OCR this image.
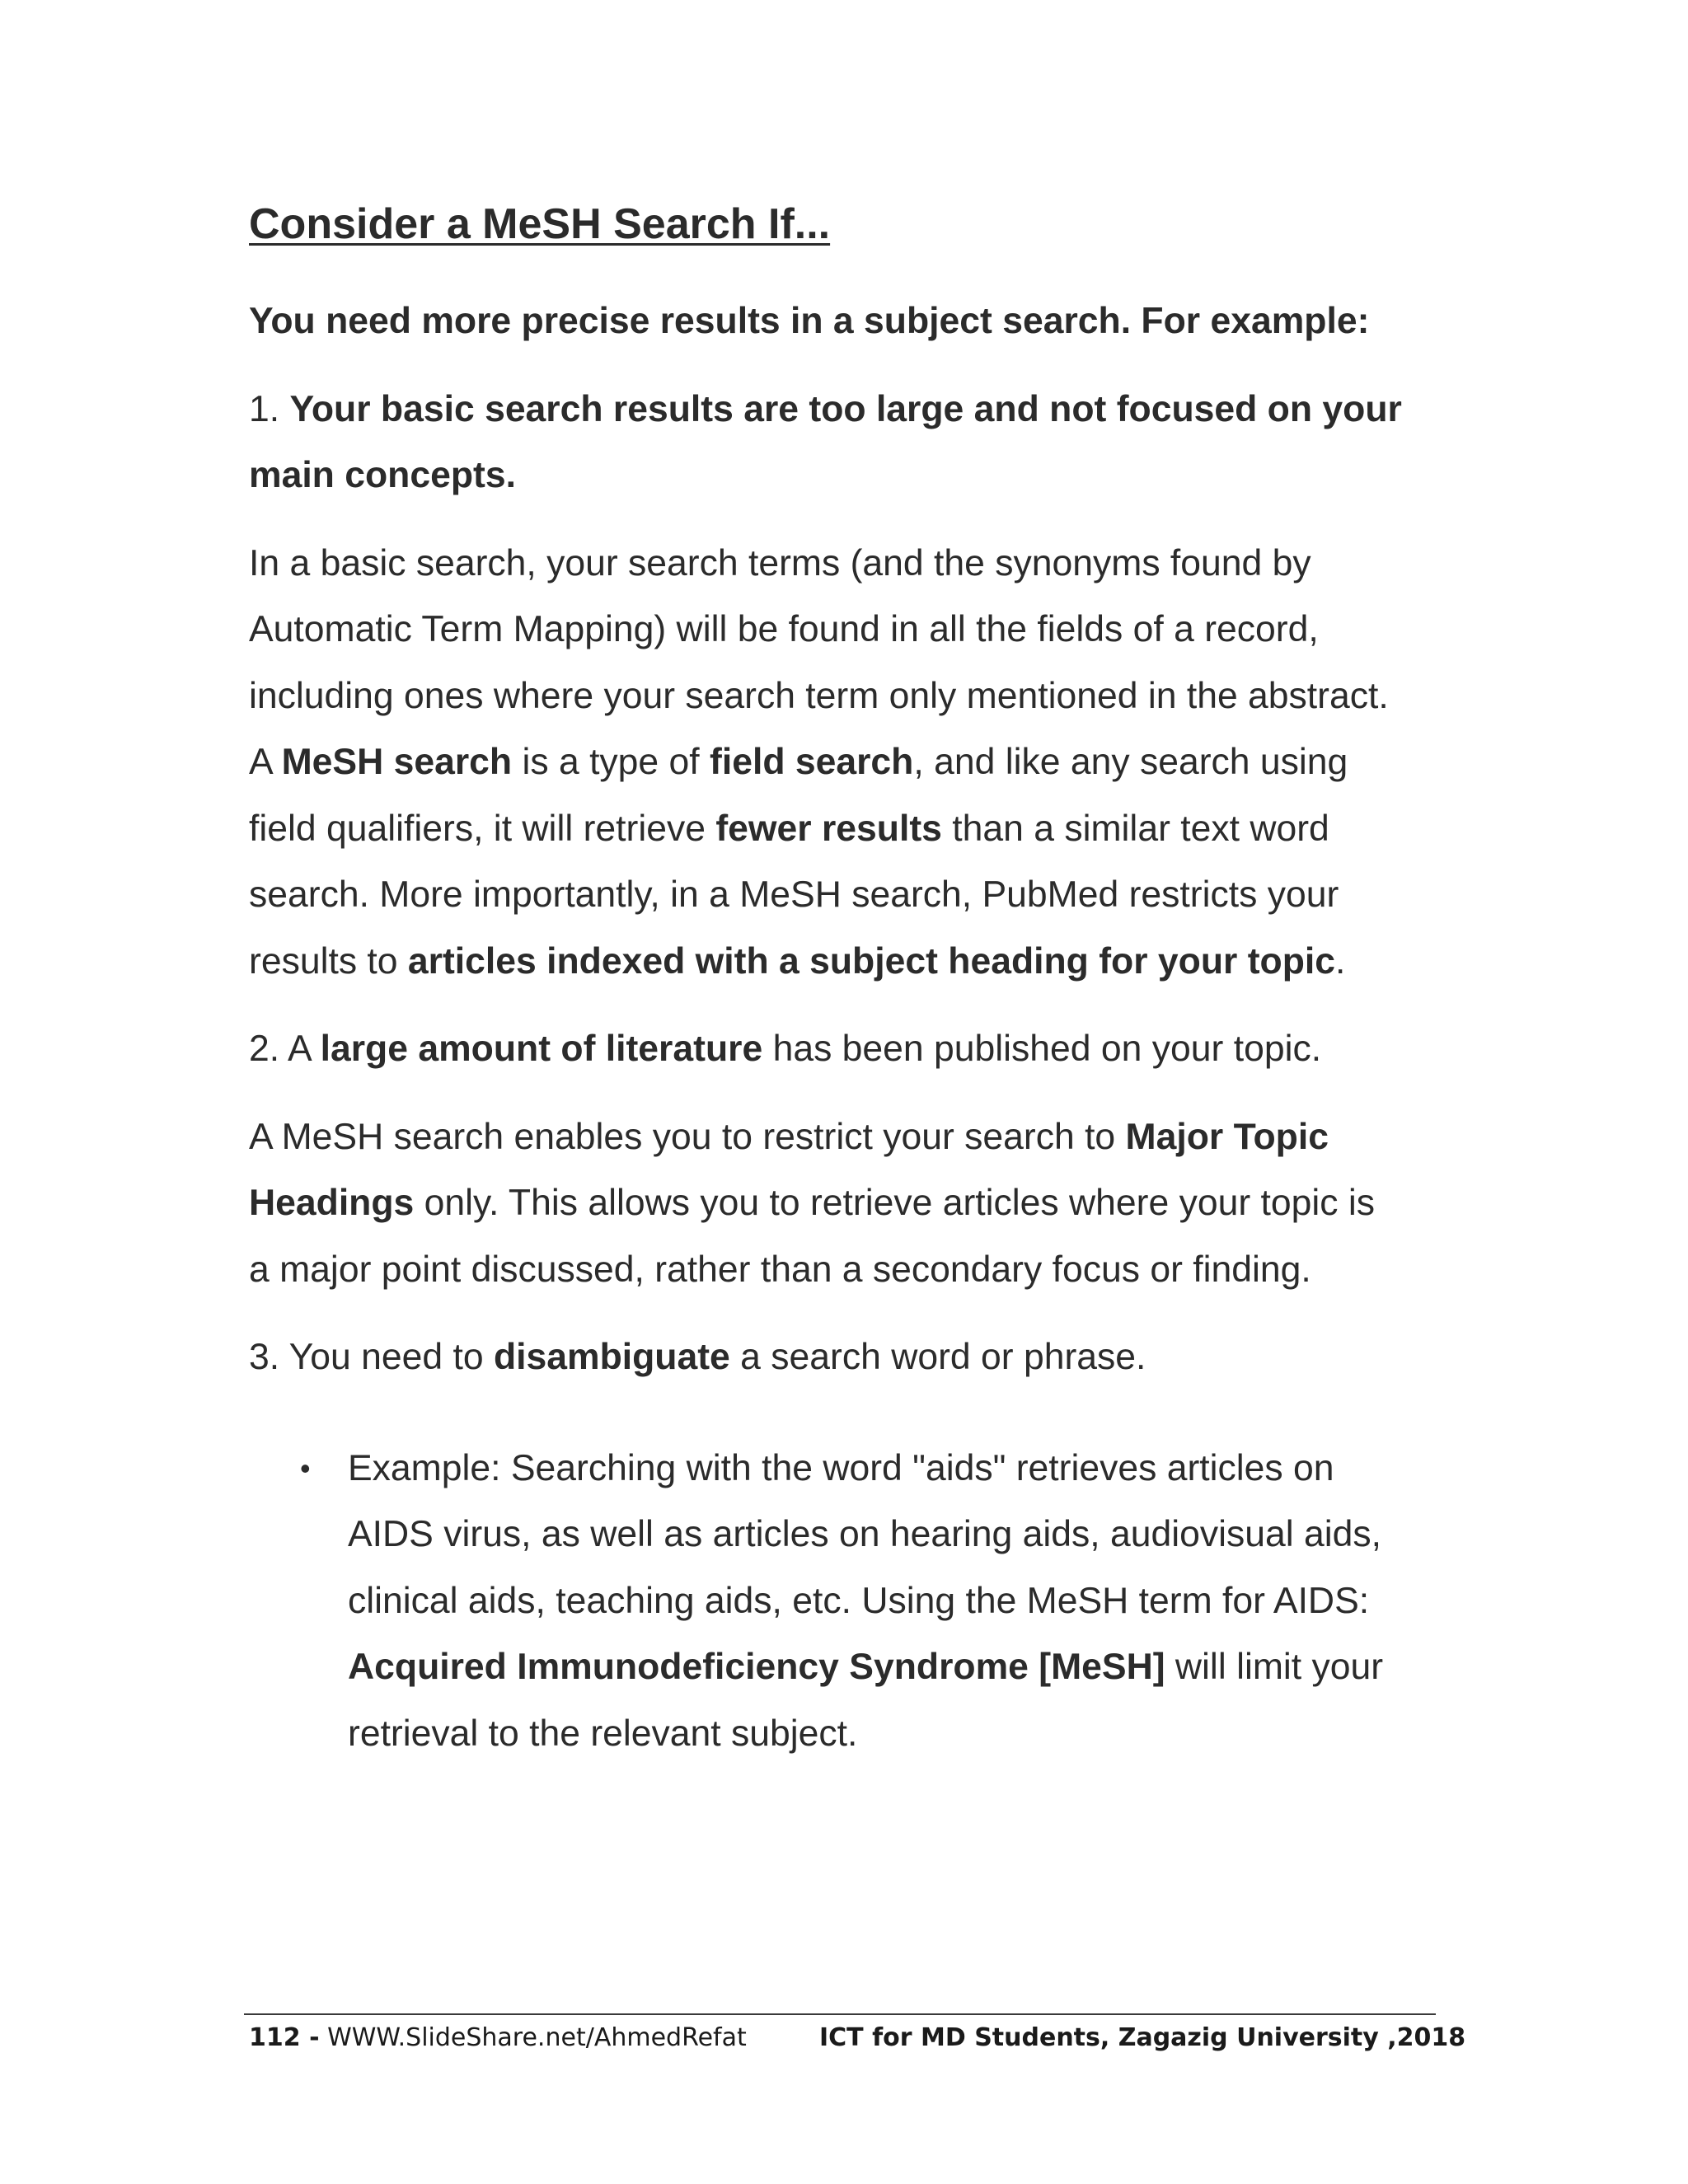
Consider a MeSH Search If...

You need more precise results in a subject search. For example:

1. Your basic search results are too large and not focused on your main concepts.

In a basic search, your search terms (and the synonyms found by Automatic Term Mapping) will be found in all the fields of a record, including ones where your search term only mentioned in the abstract. A MeSH search is a type of field search, and like any search using field qualifiers, it will retrieve fewer results than a similar text word search. More importantly, in a MeSH search, PubMed restricts your results to articles indexed with a subject heading for your topic.

2. A large amount of literature has been published on your topic.

A MeSH search enables you to restrict your search to Major Topic Headings only. This allows you to retrieve articles where your topic is a major point discussed, rather than a secondary focus or finding.

3. You need to disambiguate a search word or phrase.

• Example: Searching with the word "aids" retrieves articles on AIDS virus, as well as articles on hearing aids, audiovisual aids, clinical aids, teaching aids, etc. Using the MeSH term for AIDS: Acquired Immunodeficiency Syndrome [MeSH] will limit your retrieval to the relevant subject.
112 - WWW.SlideShare.net/AhmedRefat	ICT for MD Students, Zagazig University ,2018
